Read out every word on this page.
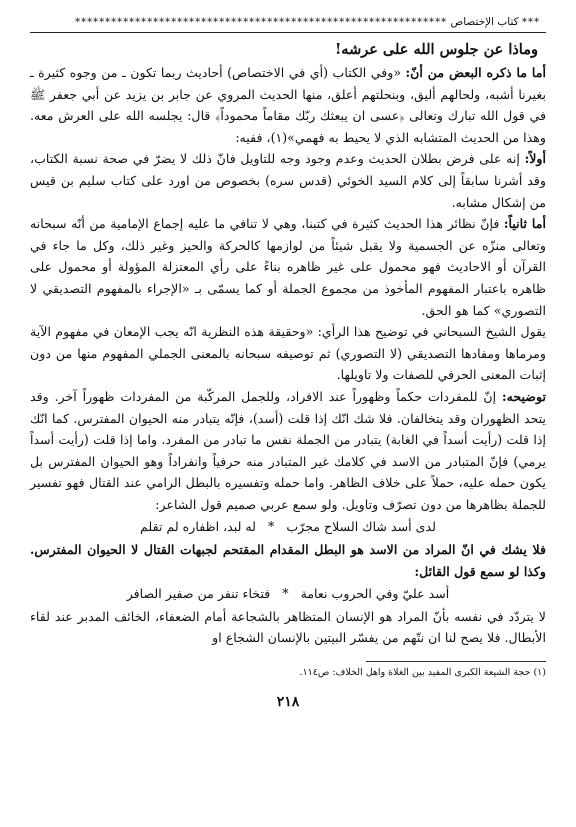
***

كتاب الإختصاص

**************************************************************
وماذا عن جلوس الله على عرشه!

أما ما ذكره البعض من أنّ: «وفي الكتاب (أي في الاختصاص) أحاديث ربما تكون ـ من وجوه كثيرة ـ بغيرنا أشبه، ولحالهم أليق، وبنحلتهم أعلق، منها الحديث المروي عن جابر بن يزيد عن أبي جعفر ﷺ في قول الله تبارك وتعالى ﴿عسى ان يبعثك ربّك مقاماً محموداً﴾ قال: يجلسه الله على العرش معه. وهذا من الحديث المتشابه الذي لا يحيط به فهمي»(١)، ففيه:

أولاً: إنه على فرض بطلان الحديث وعدم وجود وجه للتاويل فانّ ذلك لا يضرّ في صحة نسبة الكتاب، وقد أشرنا سابقاً إلى كلام السيد الخوئي (قدس سره) بخصوص من اورد على كتاب سليم بن قيس من إشكال مشابه.

أما ثانياً: فإنّ نظائر هذا الحديث كثيرة في كتبنا، وهي لا تنافي ما عليه إجماع الإمامية من أنّه سبحانه وتعالى منزّه عن الجسمية ولا يقبل شيئاً من لوازمها كالحركة والحيز وغير ذلك، وكل ما جاء في القرآن أو الاحاديث فهو محمول على غير ظاهره بناءً على رأي المعتزلة المؤولة أو محمول على ظاهره باعتبار المفهوم المأخوذ من مجموع الجملة أو كما يسمّى بـ «الإجراء بالمفهوم التصديقي لا التصوري» كما هو الحق.

يقول الشيخ السبحاني في توضيح هذا الرأي: «وحقيقة هذه النظرية انّه يجب الإمعان في مفهوم الآية ومرماها ومفادها التصديقي (لا التصوري) ثم توصيفه سبحانه بالمعنى الجملي المفهوم منها من دون إثبات المعنى الحرفي للصفات ولا تاويلها.

توضيحه: إنّ للمفردات حكماً وظهوراً عند الافراد، وللجمل المركّبة من المفردات ظهوراً آخر. وقد يتحد الظهوران وقد يتخالفان. فلا شك انّك إذا قلت (أسد)، فإنّه يتبادر منه الحيوان المفترس. كما انّك إذا قلت (رأيت أسداً في الغابة) يتبادر من الجملة نفس ما تبادر من المفرد. واما إذا قلت (رأيت أسداً يرمي) فإنّ المتبادر من الاسد في كلامك غير المتبادر منه حرفياً وانفراداً وهو الحيوان المفترس بل يكون حمله عليه، حملاً على خلاف الظاهر. واما حمله وتفسيره بالبطل الرامي عند القتال فهو تفسير للجملة بظاهرها من دون تصرّف وتاويل. ولو سمع عربي صميم قول الشاعر:

لدى أسد شاك السلاح مجرّب*له لبد، اظفاره لم تقلم

فلا يشك في انّ المراد من الاسد هو البطل المقدام المقتحم لجبهات القتال لا الحيوان المفترس. وكذا لو سمع قول القائل:

أسد عليّ وفي الحروب نعامة*فتخاء تنفر من صفير الصافر

لا يتردّد في نفسه بأنّ المراد هو الإنسان المتظاهر بالشجاعة أمام الضعفاء، الخائف المدبر عند لقاء الأبطال. فلا يصح لنا ان نتّهم من يفسّر البيتين بالإنسان الشجاع او

(١) حجة الشيعة الكبرى المفيد بين الغلاة واهل الخلاف: ص١١٤.
٢١٨
